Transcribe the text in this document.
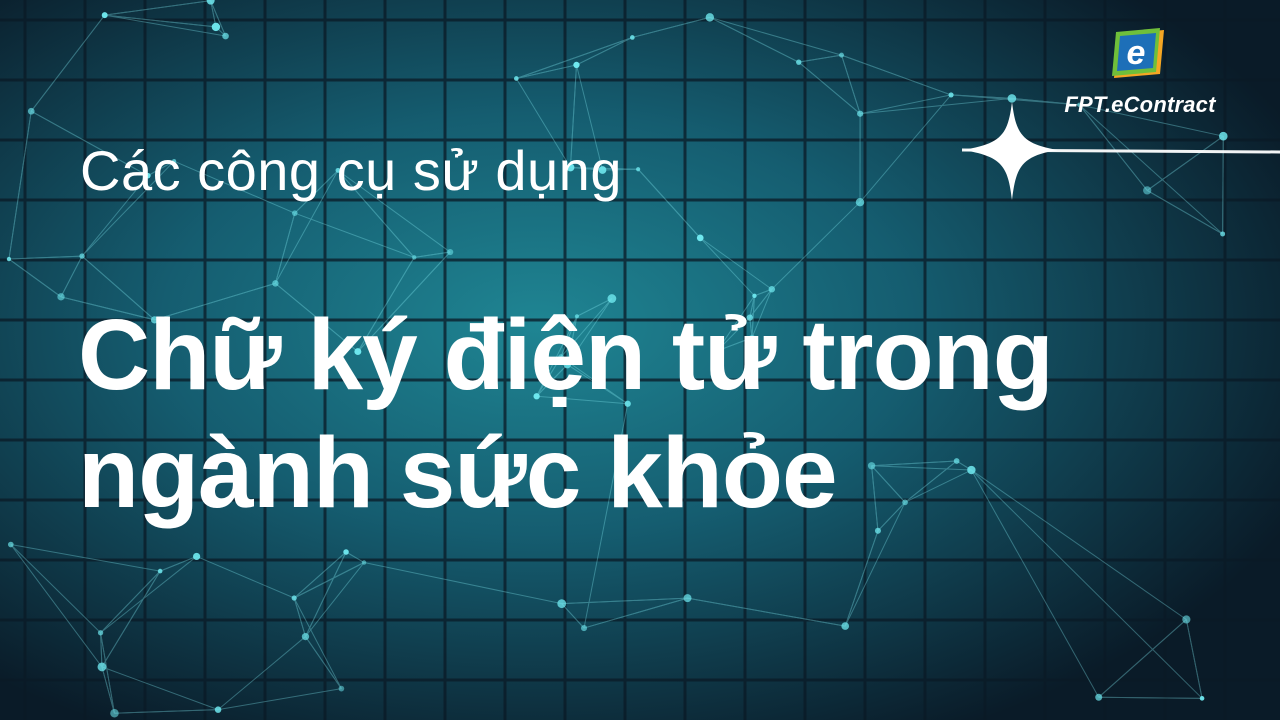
Các công cụ sử dụng
Chữ ký điện tử trong
ngành sức khỏe
e
FPT.eContract
